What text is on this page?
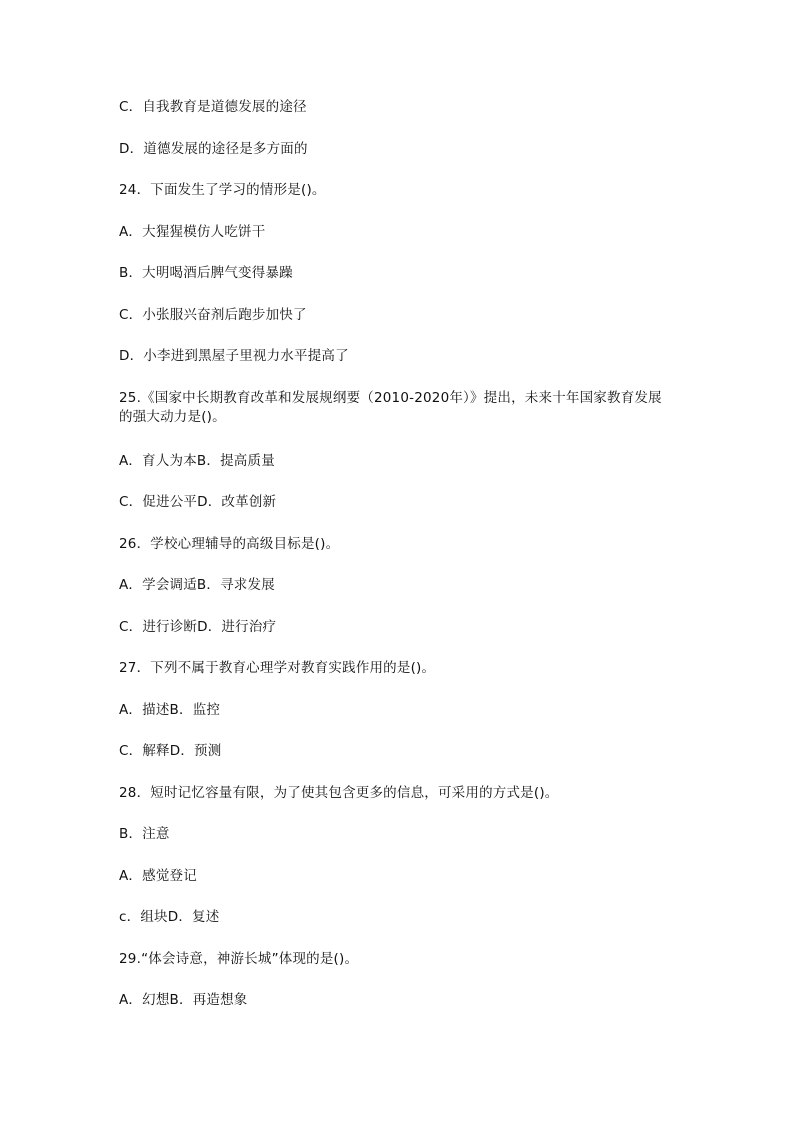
C．自我教育是道德发展的途径
D．道德发展的途径是多方面的
24．下面发生了学习的情形是()。
A．大猩猩模仿人吃饼干
B．大明喝酒后脾气变得暴躁
C．小张服兴奋剂后跑步加快了
D．小李进到黑屋子里视力水平提高了
25.《国家中长期教育改革和发展规纲要（2010-2020年）》提出，未来十年国家教育发展的强大动力是()。
A．育人为本B．提高质量
C．促进公平D．改革创新
26．学校心理辅导的高级目标是()。
A．学会调适B．寻求发展
C．进行诊断D．进行治疗
27．下列不属于教育心理学对教育实践作用的是()。
A．描述B．监控
C．解释D．预测
28．短时记忆容量有限，为了使其包含更多的信息，可采用的方式是()。
B．注意
A．感觉登记
c．组块D．复述
29.“体会诗意，神游长城”体现的是()。
A．幻想B．再造想象
